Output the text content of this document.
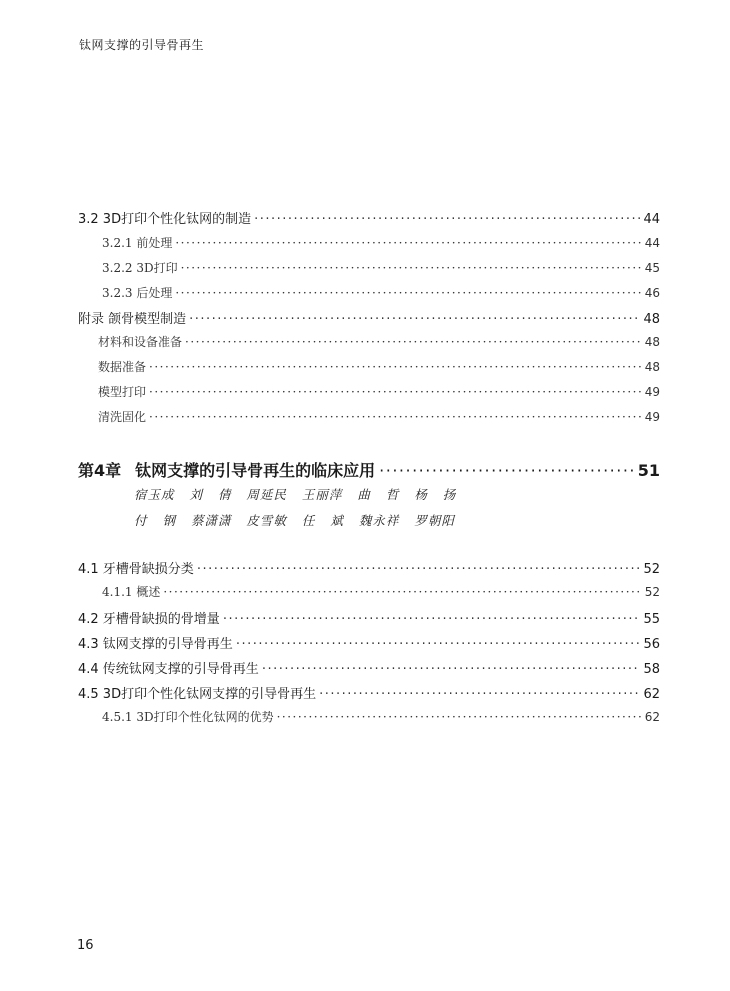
钛网支撑的引导骨再生
3.2 3D打印个性化钛网的制造 ·····	44
3.2.1 前处理 ·····	44
3.2.2 3D打印 ·····	45
3.2.3 后处理 ·····	46
附录 颌骨模型制造 ·····	48
材料和设备准备 ·····	48
数据准备 ·····	48
模型打印 ·····	49
清洗固化 ·····	49
第4章 钛网支撑的引导骨再生的临床应用 ·····	51
宿玉成 刘 倩 周延民 王丽萍 曲 哲 杨 扬
付 钢 蔡潇潇 皮雪敏 任 斌 魏永祥 罗朝阳
4.1 牙槽骨缺损分类 ·····	52
4.1.1 概述 ·····	52
4.2 牙槽骨缺损的骨增量 ·····	55
4.3 钛网支撑的引导骨再生 ·····	56
4.4 传统钛网支撑的引导骨再生 ·····	58
4.5 3D打印个性化钛网支撑的引导骨再生 ·····	62
4.5.1 3D打印个性化钛网的优势 ·····	62
16
